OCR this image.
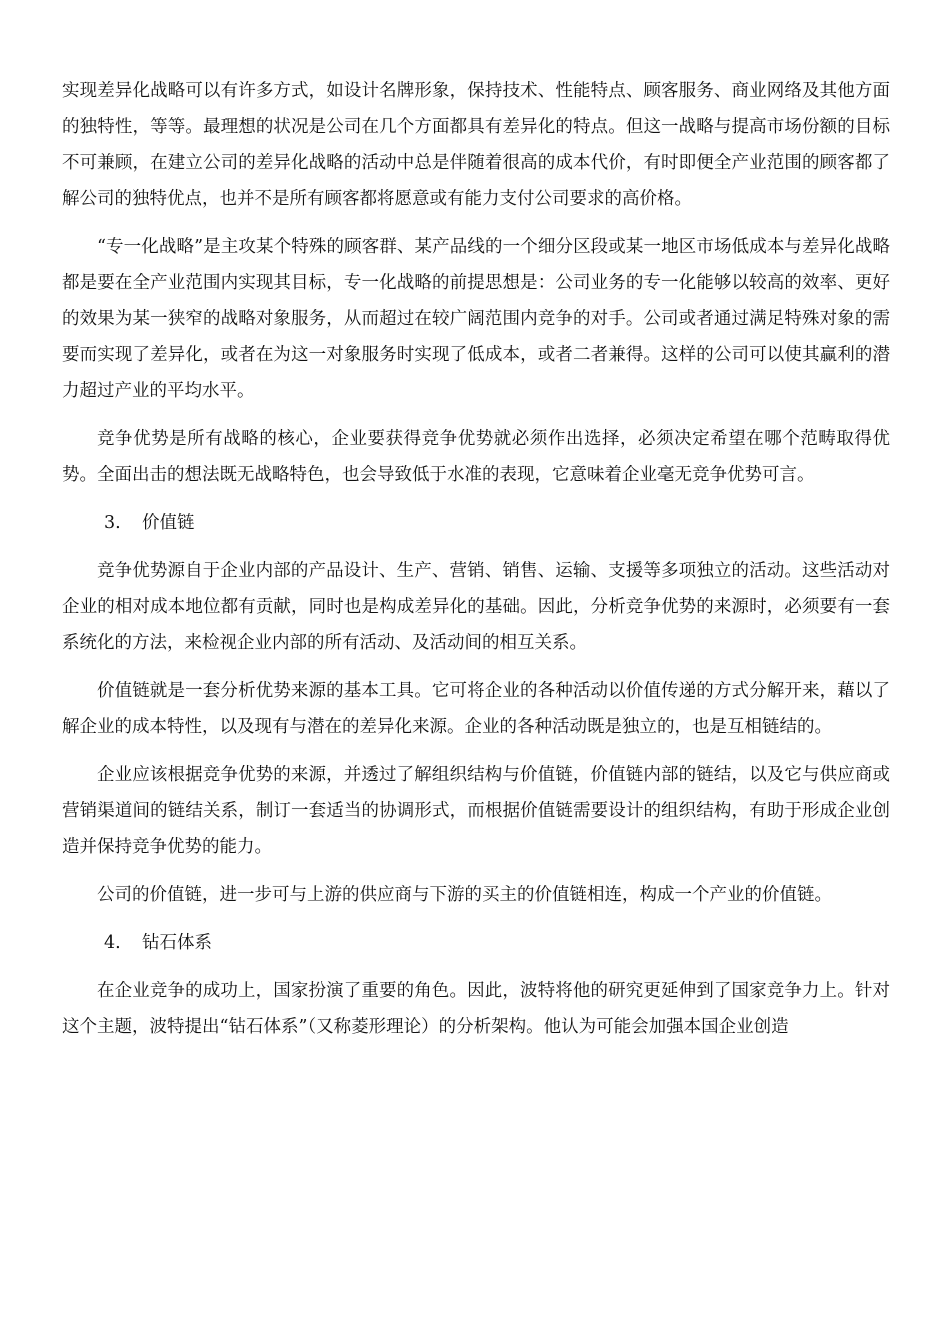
实现差异化战略可以有许多方式，如设计名牌形象，保持技术、性能特点、顾客服务、商业网络及其他方面的独特性，等等。最理想的状况是公司在几个方面都具有差异化的特点。但这一战略与提高市场份额的目标不可兼顾，在建立公司的差异化战略的活动中总是伴随着很高的成本代价，有时即便全产业范围的顾客都了解公司的独特优点，也并不是所有顾客都将愿意或有能力支付公司要求的高价格。

“专一化战略”是主攻某个特殊的顾客群、某产品线的一个细分区段或某一地区市场低成本与差异化战略都是要在全产业范围内实现其目标，专一化战略的前提思想是：公司业务的专一化能够以较高的效率、更好的效果为某一狭窄的战略对象服务，从而超过在较广阔范围内竞争的对手。公司或者通过满足特殊对象的需要而实现了差异化，或者在为这一对象服务时实现了低成本，或者二者兼得。这样的公司可以使其赢利的潜力超过产业的平均水平。

竞争优势是所有战略的核心，企业要获得竞争优势就必须作出选择，必须决定希望在哪个范畴取得优势。全面出击的想法既无战略特色，也会导致低于水准的表现，它意味着企业毫无竞争优势可言。

3. 价值链

竞争优势源自于企业内部的产品设计、生产、营销、销售、运输、支援等多项独立的活动。这些活动对企业的相对成本地位都有贡献，同时也是构成差异化的基础。因此，分析竞争优势的来源时，必须要有一套系统化的方法，来检视企业内部的所有活动、及活动间的相互关系。

价值链就是一套分析优势来源的基本工具。它可将企业的各种活动以价值传递的方式分解开来，藉以了解企业的成本特性，以及现有与潜在的差异化来源。企业的各种活动既是独立的，也是互相链结的。

企业应该根据竞争优势的来源，并透过了解组织结构与价值链，价值链内部的链结，以及它与供应商或营销渠道间的链结关系，制订一套适当的协调形式，而根据价值链需要设计的组织结构，有助于形成企业创造并保持竞争优势的能力。

公司的价值链，进一步可与上游的供应商与下游的买主的价值链相连，构成一个产业的价值链。

4. 钻石体系

在企业竞争的成功上，国家扮演了重要的角色。因此，波特将他的研究更延伸到了国家竞争力上。针对这个主题，波特提出“钻石体系”（又称菱形理论）的分析架构。他认为可能会加强本国企业创造
